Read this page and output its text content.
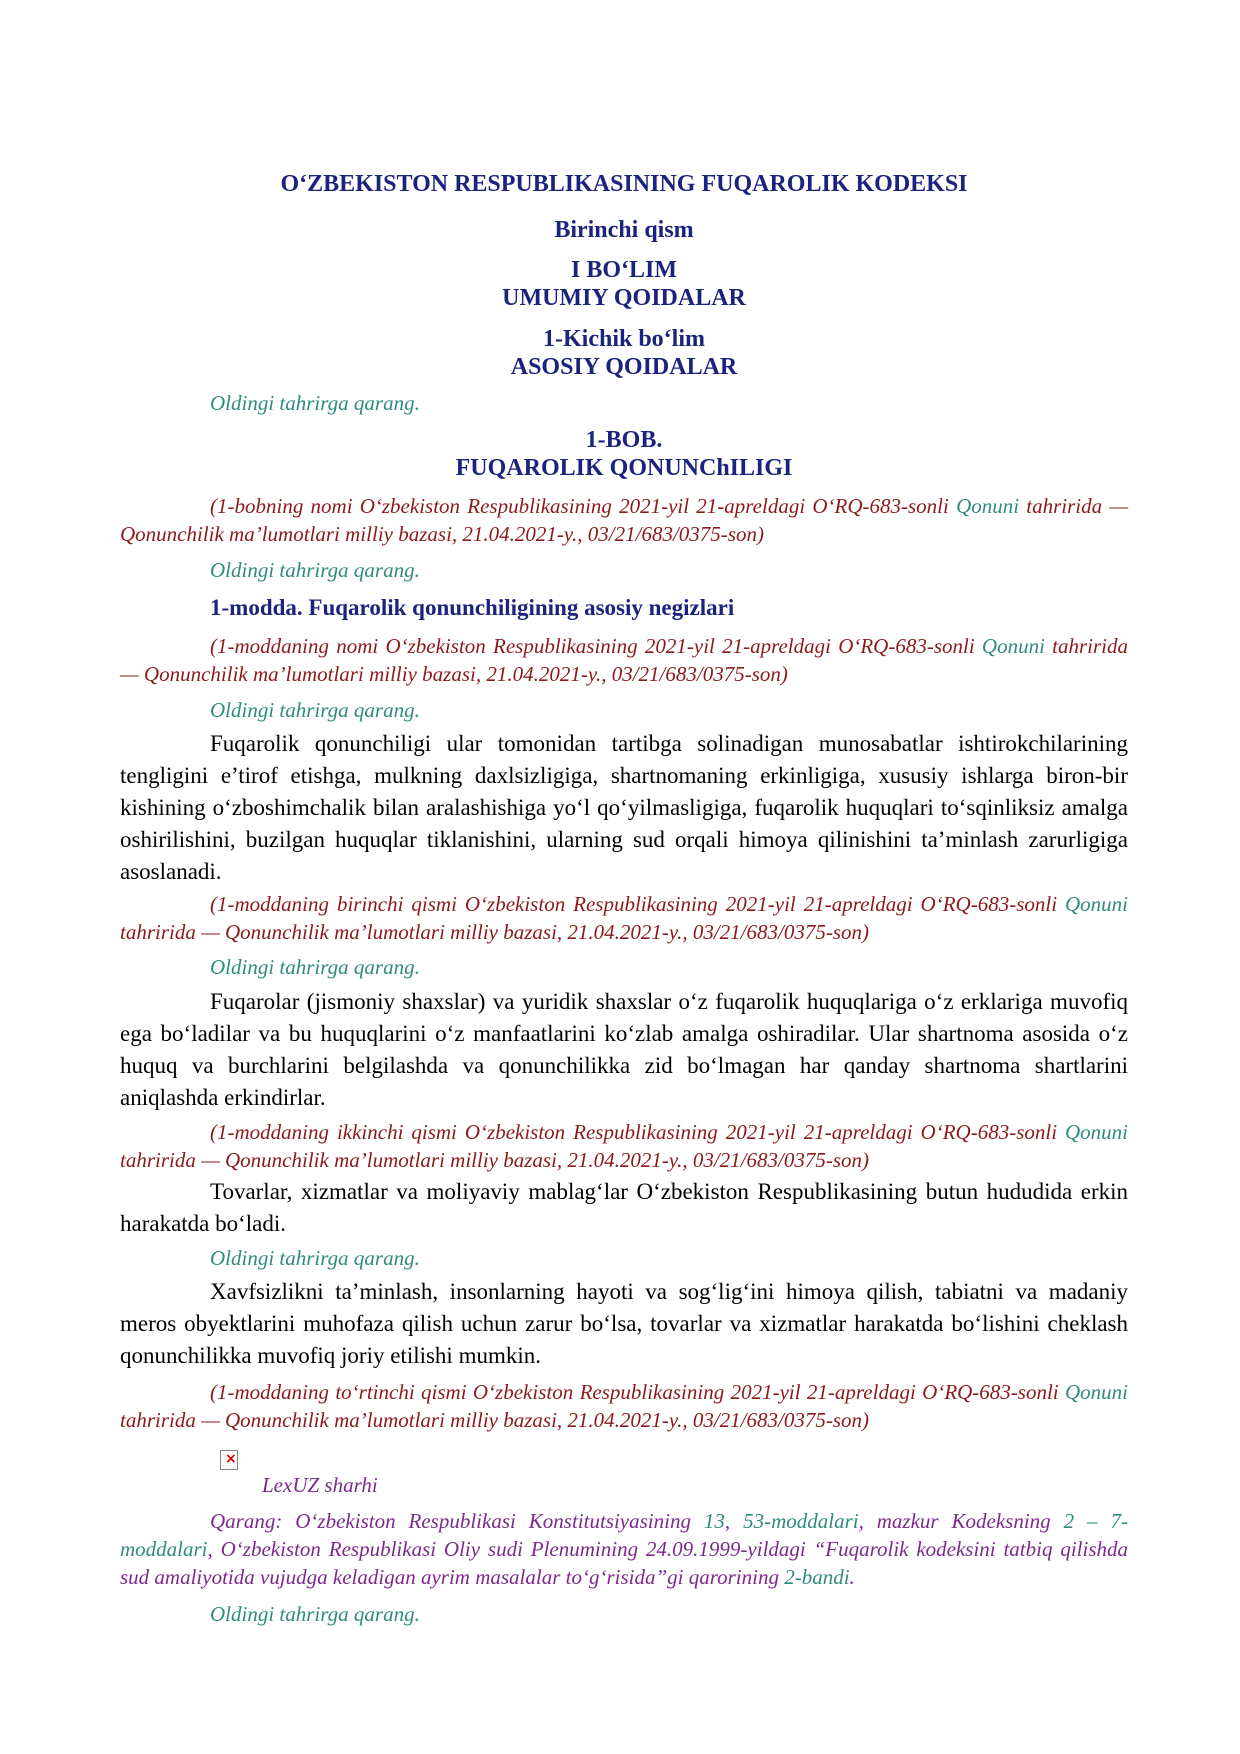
O‘ZBEKISTON RESPUBLIKASINING FUQAROLIK KODEKSI
Birinchi qism
I BO‘LIM
UMUMIY QOIDALAR
1-Kichik bo‘lim
ASOSIY QOIDALAR
Oldingi tahrirga qarang.
1-BOB.
FUQAROLIK QONUNChILIGI
(1-bobning nomi O‘zbekiston Respublikasining 2021-yil 21-apreldagi O‘RQ-683-sonli Qonuni tahririda — Qonunchilik ma’lumotlari milliy bazasi, 21.04.2021-y., 03/21/683/0375-son)
Oldingi tahrirga qarang.
1-modda. Fuqarolik qonunchiligining asosiy negizlari
(1-moddaning nomi O‘zbekiston Respublikasining 2021-yil 21-apreldagi O‘RQ-683-sonli Qonuni tahririda — Qonunchilik ma’lumotlari milliy bazasi, 21.04.2021-y., 03/21/683/0375-son)
Oldingi tahrirga qarang.
Fuqarolik qonunchiligi ular tomonidan tartibga solinadigan munosabatlar ishtirokchilarining tengligini e’tirof etishga, mulkning daxlsizligiga, shartnomaning erkinligiga, xususiy ishlarga biron-bir kishining o‘zboshimchalik bilan aralashishiga yo‘l qo‘yilmasligiga, fuqarolik huquqlari to‘sqinliksiz amalga oshirilishini, buzilgan huquqlar tiklanishini, ularning sud orqali himoya qilinishini ta’minlash zarurligiga asoslanadi.
(1-moddaning birinchi qismi O‘zbekiston Respublikasining 2021-yil 21-apreldagi O‘RQ-683-sonli Qonuni tahririda — Qonunchilik ma’lumotlari milliy bazasi, 21.04.2021-y., 03/21/683/0375-son)
Oldingi tahrirga qarang.
Fuqarolar (jismoniy shaxslar) va yuridik shaxslar o‘z fuqarolik huquqlariga o‘z erklariga muvofiq ega bo‘ladilar va bu huquqlarini o‘z manfaatlarini ko‘zlab amalga oshiradilar. Ular shartnoma asosida o‘z huquq va burchlarini belgilashda va qonunchilikka zid bo‘lmagan har qanday shartnoma shartlarini aniqlashda erkindirlar.
(1-moddaning ikkinchi qismi O‘zbekiston Respublikasining 2021-yil 21-apreldagi O‘RQ-683-sonli Qonuni tahririda — Qonunchilik ma’lumotlari milliy bazasi, 21.04.2021-y., 03/21/683/0375-son)
Tovarlar, xizmatlar va moliyaviy mablag‘lar O‘zbekiston Respublikasining butun hududida erkin harakatda bo‘ladi.
Oldingi tahrirga qarang.
Xavfsizlikni ta’minlash, insonlarning hayoti va sog‘lig‘ini himoya qilish, tabiatni va madaniy meros obyektlarini muhofaza qilish uchun zarur bo‘lsa, tovarlar va xizmatlar harakatda bo‘lishini cheklash qonunchilikka muvofiq joriy etilishi mumkin.
(1-moddaning to‘rtinchi qismi O‘zbekiston Respublikasining 2021-yil 21-apreldagi O‘RQ-683-sonli Qonuni tahririda — Qonunchilik ma’lumotlari milliy bazasi, 21.04.2021-y., 03/21/683/0375-son)
×
LexUZ sharhi
Qarang: O‘zbekiston Respublikasi Konstitutsiyasining 13, 53-moddalari, mazkur Kodeksning 2 – 7-moddalari, O‘zbekiston Respublikasi Oliy sudi Plenumining 24.09.1999-yildagi “Fuqarolik kodeksini tatbiq qilishda sud amaliyotida vujudga keladigan ayrim masalalar to‘g‘risida”gi qarorining 2-bandi.
Oldingi tahrirga qarang.
